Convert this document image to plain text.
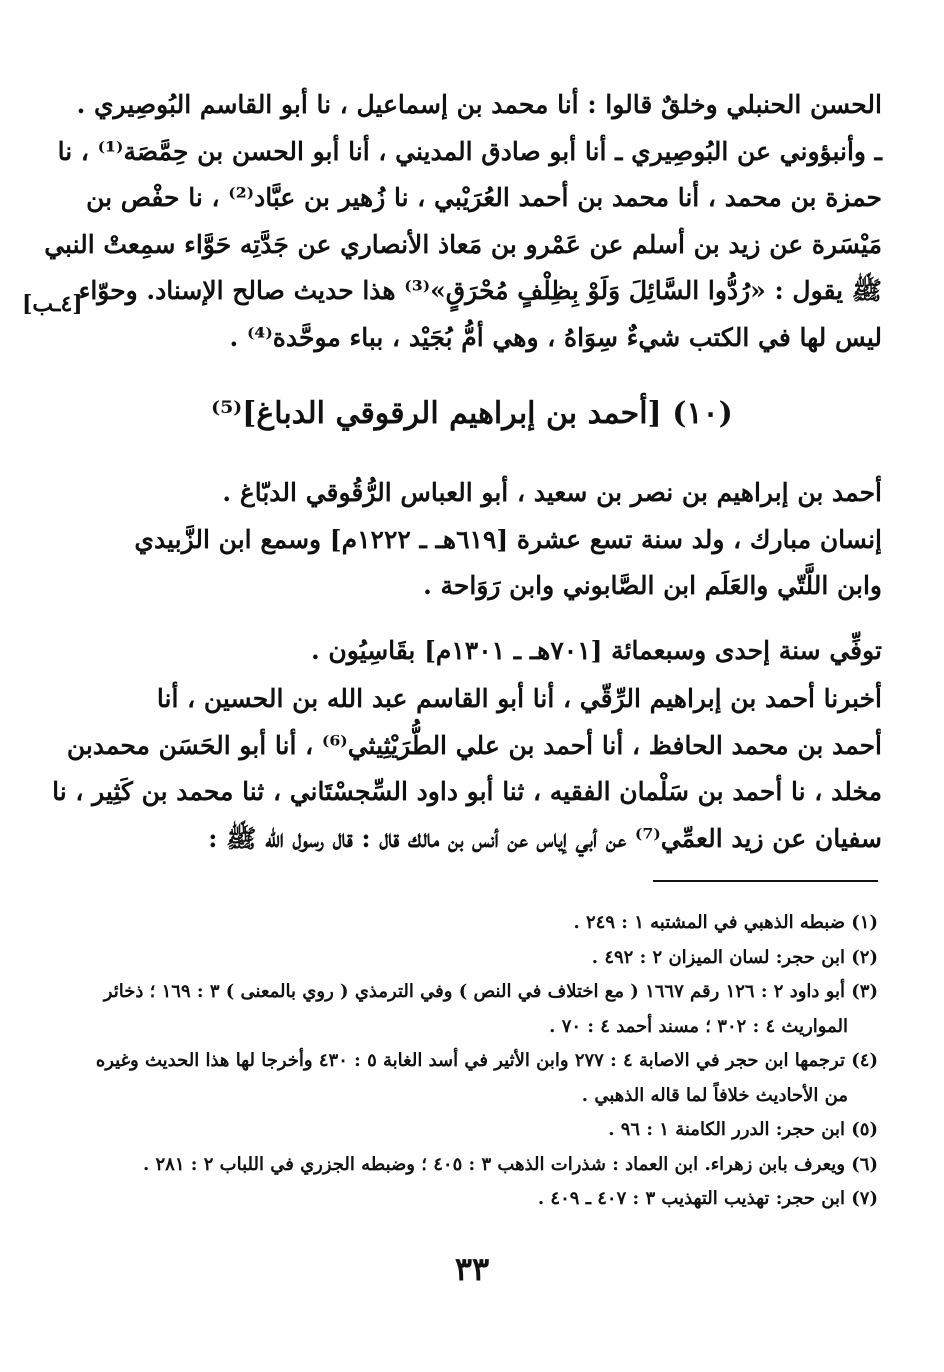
الحسن الحنبلي وخلقٌ قالوا : أنا محمد بن إسماعيل ، نا أبو القاسم البُوصِيري .
ـ وأنبؤوني عن البُوصِيري ـ أنا أبو صادق المديني ، أنا أبو الحسن بن حِمَّصَة⁽¹⁾ ، نا
حمزة بن محمد ، أنا محمد بن أحمد العُرَيْبي ، نا زُهير بن عبَّاد⁽²⁾ ، نا حفْص بن
مَيْسَرة عن زيد بن أسلم عن عَمْرو بن مَعاذ الأنصاري عن جَدَّتِه حَوَّاء سمِعتْ النبي
ﷺ يقول : «رُدُّوا السَّائِلَ وَلَوْ بِظِلْفٍ مُحْرَقٍ»⁽³⁾ هذا حديث صالح الإسناد. وحوّاء
ليس لها في الكتب شيءٌ سِوَاهُ ، وهي أمُّ بُجَيْد ، بباء موحَّدة⁽⁴⁾ .
[٤ـب]
(١٠) [أحمد بن إبراهيم الرقوقي الدباغ]⁽⁵⁾
أحمد بن إبراهيم بن نصر بن سعيد ، أبو العباس الرُّقُوقي الدبّاغ .
إنسان مبارك ، ولد سنة تسع عشرة [٦١٩هـ ـ ١٢٢٢م] وسمع ابن الزَّبيدي
وابن اللَّتّي والعَلَم ابن الصَّابوني وابن رَوَاحة .
توفِّي سنة إحدى وسبعمائة [٧٠١هـ ـ ١٣٠١م] بقَاسِيُون .
أخبرنا أحمد بن إبراهيم الرِّقّي ، أنا أبو القاسم عبد الله بن الحسين ، أنا
أحمد بن محمد الحافظ ، أنا أحمد بن علي الطُّرَيْثِيثي⁽⁶⁾ ، أنا أبو الحَسَن محمدبن
مخلد ، نا أحمد بن سَلْمان الفقيه ، ثنا أبو داود السِّجسْتَاني ، ثنا محمد بن كَثِير ، نا
سفيان عن زيد العمِّي⁽⁷⁾ عن أبي إياس عن أنس بن مالك قال : قال رسول الله ﷺ :
(١) ضبطه الذهبي في المشتبه ١ : ٢٤٩ .
(٢) ابن حجر: لسان الميزان ٢ : ٤٩٢ .
(٣) أبو داود ٢ : ١٢٦ رقم ١٦٦٧ ( مع اختلاف في النص ) وفي الترمذي ( روي بالمعنى ) ٣ : ١٦٩ ؛ ذخائر
المواريث ٤ : ٣٠٢ ؛ مسند أحمد ٤ : ٧٠ .
(٤) ترجمها ابن حجر في الاصابة ٤ : ٢٧٧ وابن الأثير في أسد الغابة ٥ : ٤٣٠ وأخرجا لها هذا الحديث وغيره
من الأحاديث خلافاً لما قاله الذهبي .
(٥) ابن حجر: الدرر الكامنة ١ : ٩٦ .
(٦) ويعرف بابن زهراء. ابن العماد : شذرات الذهب ٣ : ٤٠٥ ؛ وضبطه الجزري في اللباب ٢ : ٢٨١ .
(٧) ابن حجر: تهذيب التهذيب ٣ : ٤٠٧ ـ ٤٠٩ .
٣٣
